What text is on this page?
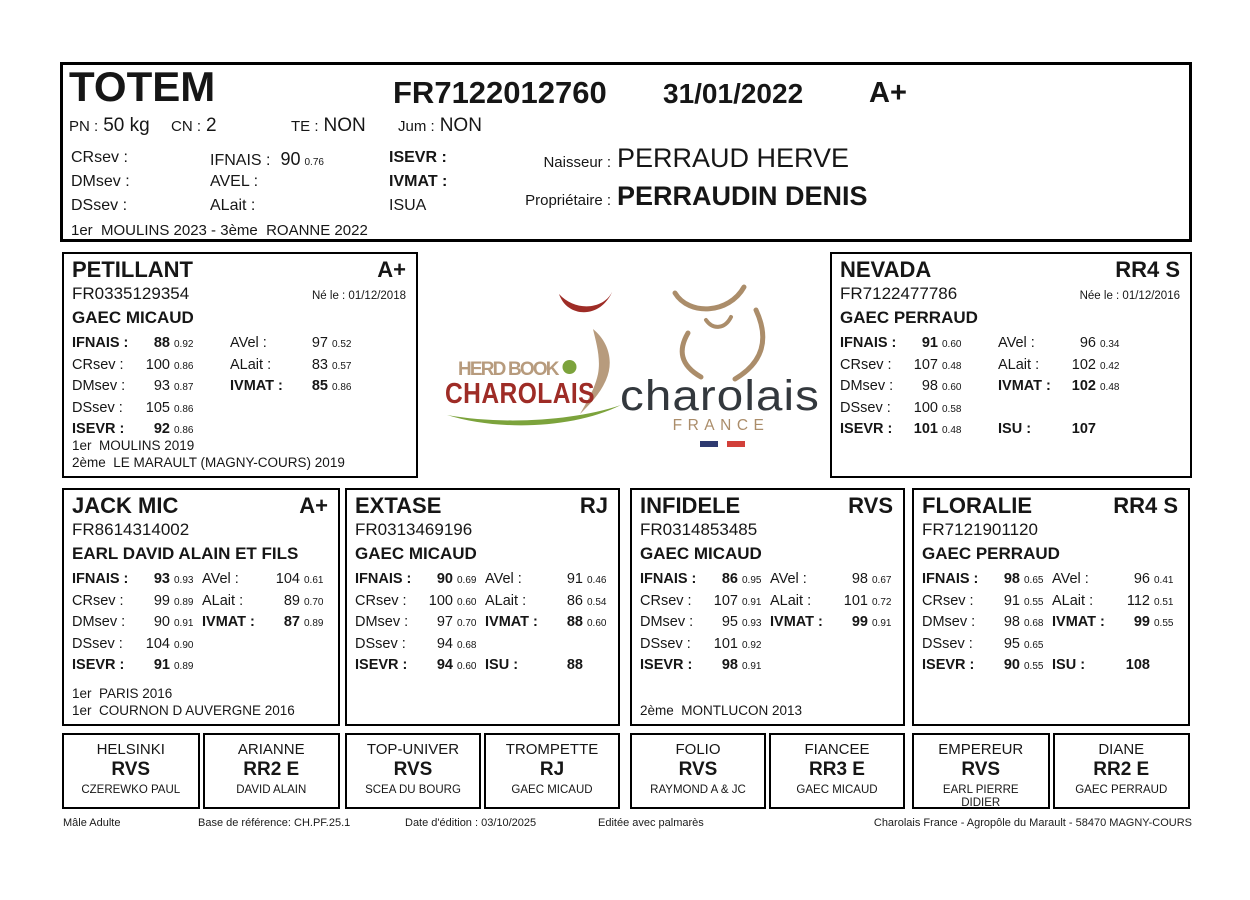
TOTEM	FR7122012760 31/01/2022 A+
PN : 50 kg CN : 2	TE : NON Jum : NON
CRsev :
DMsev :
DSsev :
IFNAIS : 90 0.76
AVEL :
ALait :
ISEVR :
IVMAT :
ISUA
Naisseur : PERRAUD HERVE
Propriétaire : PERRAUDIN DENIS
1er  MOULINS 2023 - 3ème  ROANNE 2022
PETILLANT	A+
FR0335129354	Né le : 01/12/2018
GAEC MICAUD
IFNAIS :	88 0.92
CRsev :	100 0.86
DMsev :	93 0.87
DSsev :	105 0.86
ISEVR :	92 0.86
AVel :	97 0.52
ALait :	83 0.57
IVMAT :	85 0.86
1er  MOULINS 2019
2ème  LE MARAULT (MAGNY-COURS) 2019
NEVADA	RR4 S
FR7122477786	Née le : 01/12/2016
GAEC PERRAUD
IFNAIS :	91 0.60
CRsev :	107 0.48
DMsev :	98 0.60
DSsev :	100 0.58
ISEVR :	101 0.48
AVel :	96 0.34
ALait :	102 0.42
IVMAT :	102 0.48
ISU :	107
HERD BOOK
CHAROLAIS charolais
FRANCE
JACK MIC	A+
FR8614314002
EARL DAVID ALAIN ET FILS
IFNAIS :	93 0.93
CRsev :	99 0.89
DMsev :	90 0.91
DSsev :	104 0.90
ISEVR :	91 0.89
AVel :	104 0.61
ALait :	89 0.70
IVMAT :	87 0.89
1er  PARIS 2016
1er  COURNON D AUVERGNE 2016
EXTASE	RJ
FR0313469196
GAEC MICAUD
IFNAIS :	90 0.69
CRsev :	100 0.60
DMsev :	97 0.70
DSsev :	94 0.68
ISEVR :	94 0.60
AVel :	91 0.46
ALait :	86 0.54
IVMAT :	88 0.60
ISU :	88
INFIDELE	RVS
FR0314853485
GAEC MICAUD
IFNAIS :	86 0.95
CRsev :	107 0.91
DMsev :	95 0.93
DSsev :	101 0.92
ISEVR :	98 0.91
AVel :	98 0.67
ALait :	101 0.72
IVMAT :	99 0.91
2ème  MONTLUCON 2013
FLORALIE	RR4 S
FR7121901120
GAEC PERRAUD
IFNAIS :	98 0.65
CRsev :	91 0.55
DMsev :	98 0.68
DSsev :	95 0.65
ISEVR :	90 0.55
AVel :	96 0.41
ALait :	112 0.51
IVMAT :	99 0.55
ISU :	108
HELSINKI
RVS
CZEREWKO PAUL
ARIANNE
RR2 E
DAVID ALAIN
TOP-UNIVER
RVS
SCEA DU BOURG
TROMPETTE
RJ
GAEC MICAUD
FOLIO
RVS
RAYMOND A & JC
FIANCEE
RR3 E
GAEC MICAUD
EMPEREUR
RVS
EARL PIERRE DIDIER
DIANE
RR2 E
GAEC PERRAUD
Mâle Adulte	Base de référence: CH.PF.25.1	Date d'édition : 03/10/2025	Editée avec palmarès	Charolais France - Agropôle du Marault - 58470 MAGNY-COURS
